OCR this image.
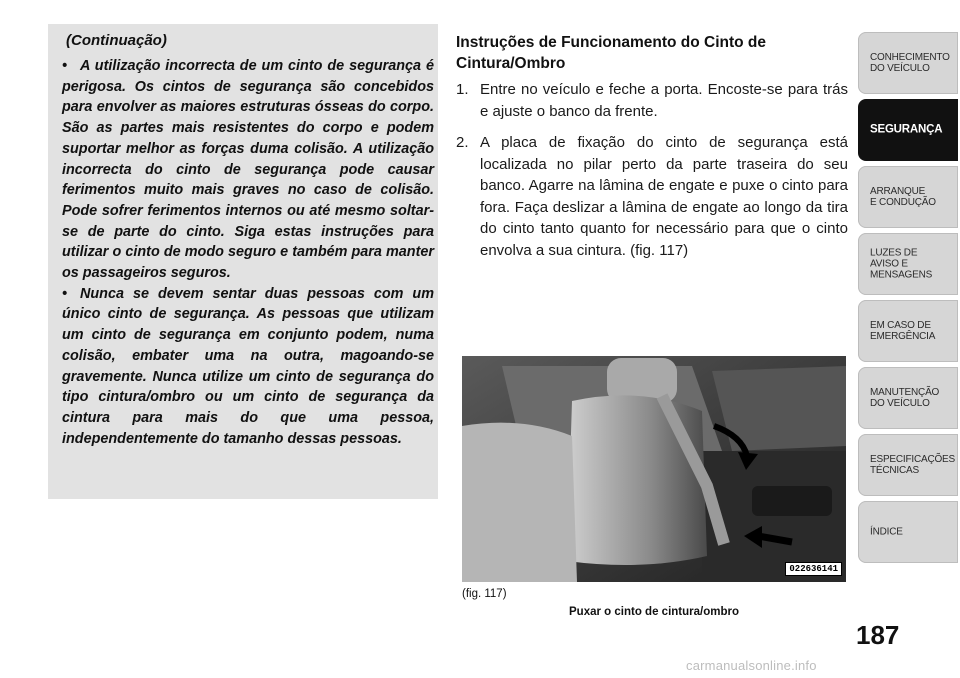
(Continuação)

• A utilização incorrecta de um cinto de segurança é perigosa. Os cintos de segurança são concebidos para envolver as maiores estruturas ósseas do corpo. São as partes mais resistentes do corpo e podem suportar melhor as forças duma colisão. A utilização incorrecta do cinto de segurança pode causar ferimentos muito mais graves no caso de colisão. Pode sofrer ferimentos internos ou até mesmo soltar-se de parte do cinto. Siga estas instruções para utilizar o cinto de modo seguro e também para manter os passageiros seguros.

• Nunca se devem sentar duas pessoas com um único cinto de segurança. As pessoas que utilizam um cinto de segurança em conjunto podem, numa colisão, embater uma na outra, magoando-se gravemente. Nunca utilize um cinto de segurança do tipo cintura/ombro ou um cinto de segurança da cintura para mais do que uma pessoa, independentemente do tamanho dessas pessoas.

Instruções de Funcionamento do Cinto de Cintura/Ombro
1. Entre no veículo e feche a porta. Encoste-se para trás e ajuste o banco da frente.
2. A placa de fixação do cinto de segurança está localizada no pilar perto da parte traseira do seu banco. Agarre na lâmina de engate e puxe o cinto para fora. Faça deslizar a lâmina de engate ao longo da tira do cinto tanto quanto for necessário para que o cinto envolva a sua cintura. (fig. 117)
022636141
(fig. 117)
Puxar o cinto de cintura/ombro
CONHECIMENTO
DO VEÍCULO
SEGURANÇA
ARRANQUE
E CONDUÇÃO
LUZES DE
AVISO E
MENSAGENS
EM CASO DE
EMERGÊNCIA
MANUTENÇÃO
DO VEÍCULO
ESPECIFICAÇÕES
TÉCNICAS
ÍNDICE
187
carmanualsonline.info
